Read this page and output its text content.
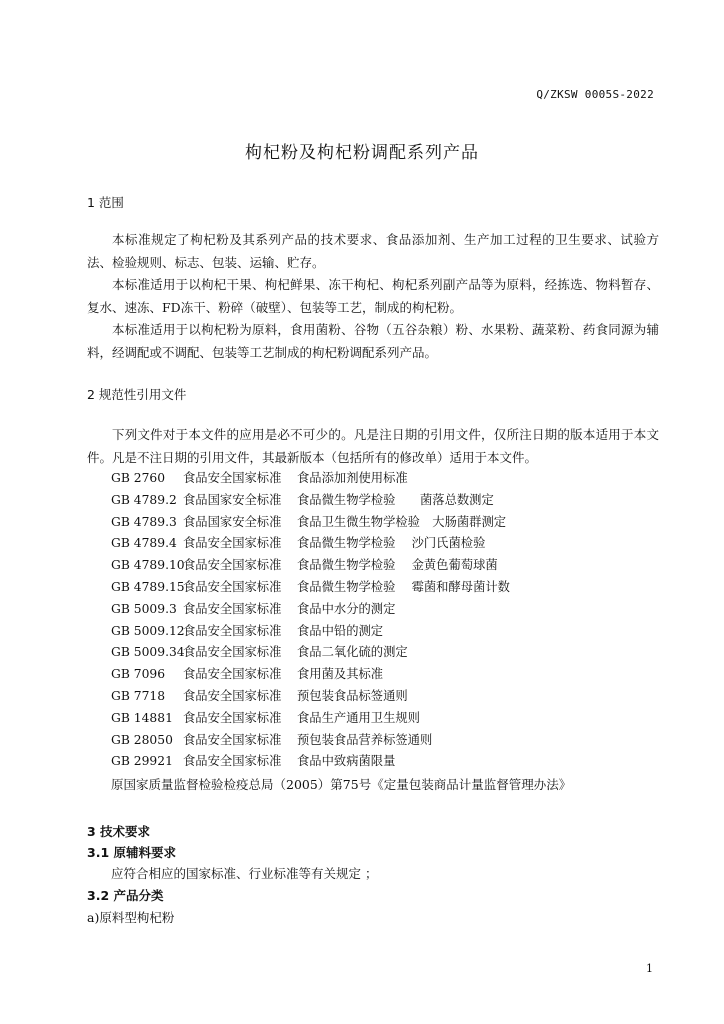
Q/ZKSW 0005S-2022
枸杞粉及枸杞粉调配系列产品
1 范围
本标准规定了枸杞粉及其系列产品的技术要求、食品添加剂、生产加工过程的卫生要求、试验方法、检验规则、标志、包装、运输、贮存。
本标准适用于以枸杞干果、枸杞鲜果、冻干枸杞、枸杞系列副产品等为原料，经拣选、物料暂存、复水、速冻、FD冻干、粉碎（破壁）、包装等工艺，制成的枸杞粉。
本标准适用于以枸杞粉为原料，食用菌粉、谷物（五谷杂粮）粉、水果粉、蔬菜粉、药食同源为辅料，经调配或不调配、包装等工艺制成的枸杞粉调配系列产品。
2 规范性引用文件
下列文件对于本文件的应用是必不可少的。凡是注日期的引用文件，仅所注日期的版本适用于本文件。凡是不注日期的引用文件，其最新版本（包括所有的修改单）适用于本文件。
GB 2760 食品安全国家标准 食品添加剂使用标准
GB 4789.2 食品国家安全标准 食品微生物学检验　　菌落总数测定
GB 4789.3 食品国家安全标准 食品卫生微生物学检验　大肠菌群测定
GB 4789.4 食品安全国家标准 食品微生物学检验　 沙门氏菌检验
GB 4789.10食品安全国家标准 食品微生物学检验　 金黄色葡萄球菌
GB 4789.15食品安全国家标准 食品微生物学检验　 霉菌和酵母菌计数
GB 5009.3 食品安全国家标准 食品中水分的测定
GB 5009.12食品安全国家标准 食品中铅的测定
GB 5009.34食品安全国家标准 食品二氧化硫的测定
GB 7096 食品安全国家标准 食用菌及其标准
GB 7718 食品安全国家标准 预包装食品标签通则
GB 14881 食品安全国家标准 食品生产通用卫生规则
GB 28050 食品安全国家标准 预包装食品营养标签通则
GB 29921 食品安全国家标准 食品中致病菌限量
原国家质量监督检验检疫总局（2005）第75号《定量包装商品计量监督管理办法》
3 技术要求
3.1 原辅料要求
应符合相应的国家标准、行业标准等有关规定 ；
3.2 产品分类
a)原料型枸杞粉
1
